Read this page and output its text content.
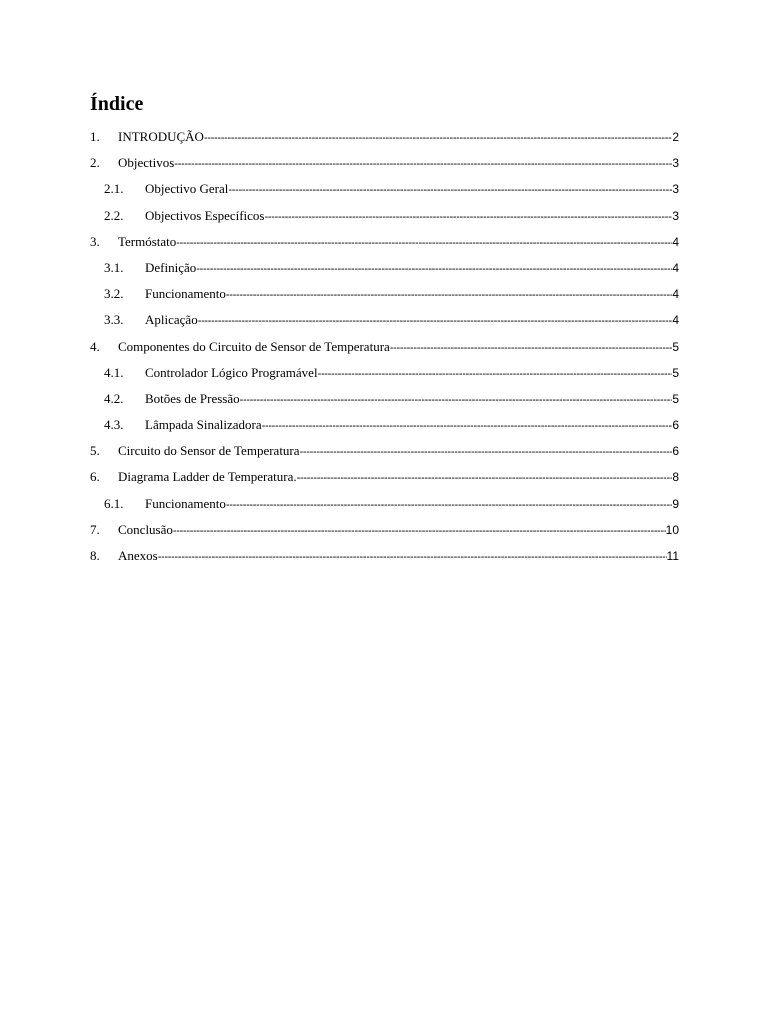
Índice
1. INTRODUÇÃO -----	2
2. Objectivos -----	3
2.1. Objectivo Geral -----	3
2.2. Objectivos Específicos -----	3
3. Termóstato -----	4
3.1. Definição -----	4
3.2. Funcionamento -----	4
3.3. Aplicação -----	4
4. Componentes do Circuito de Sensor de Temperatura -----	5
4.1. Controlador Lógico Programável -----	5
4.2. Botões de Pressão -----	5
4.3. Lâmpada Sinalizadora -----	6
5. Circuito do Sensor de Temperatura -----	6
6. Diagrama Ladder de Temperatura. -----	8
6.1. Funcionamento -----	9
7. Conclusão -----	10
8. Anexos -----	11
